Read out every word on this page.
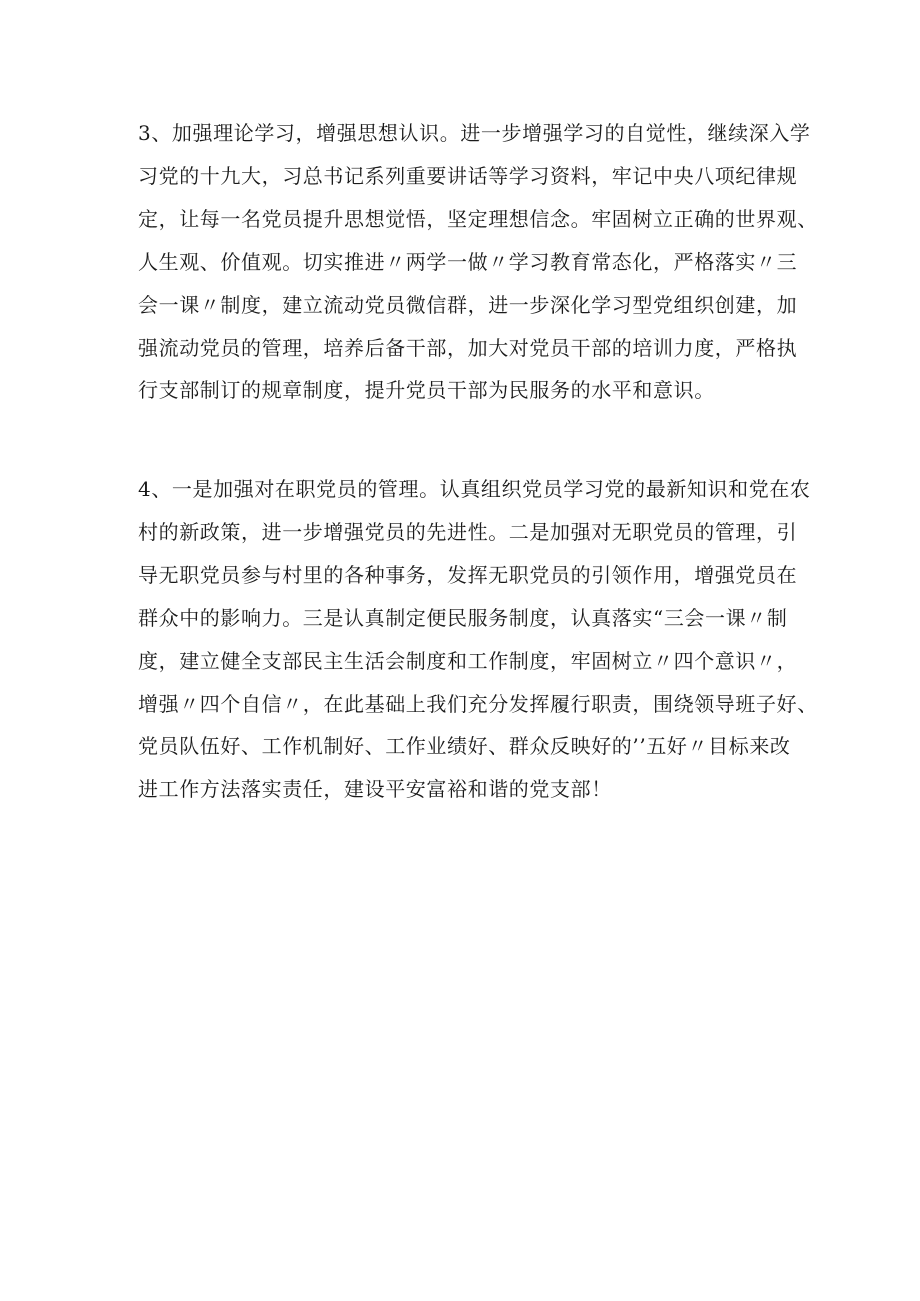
3、加强理论学习，增强思想认识。进一步增强学习的自觉性，继续深入学
习党的十九大，习总书记系列重要讲话等学习资料，牢记中央八项纪律规
定，让每一名党员提升思想觉悟，坚定理想信念。牢固树立正确的世界观、
人生观、价值观。切实推进〃两学一做〃学习教育常态化，严格落实〃三
会一课〃制度，建立流动党员微信群，进一步深化学习型党组织创建，加
强流动党员的管理，培养后备干部，加大对党员干部的培训力度，严格执
行支部制订的规章制度，提升党员干部为民服务的水平和意识。
4、一是加强对在职党员的管理。认真组织党员学习党的最新知识和党在农
村的新政策，进一步增强党员的先进性。二是加强对无职党员的管理，引
导无职党员参与村里的各种事务，发挥无职党员的引领作用，增强党员在
群众中的影响力。三是认真制定便民服务制度，认真落实“三会一课〃制
度，建立健全支部民主生活会制度和工作制度，牢固树立〃四个意识〃，
增强〃四个自信〃，在此基础上我们充分发挥履行职责，围绕领导班子好、
党员队伍好、工作机制好、工作业绩好、群众反映好的’’五好〃目标来改
进工作方法落实责任，建设平安富裕和谐的党支部！
